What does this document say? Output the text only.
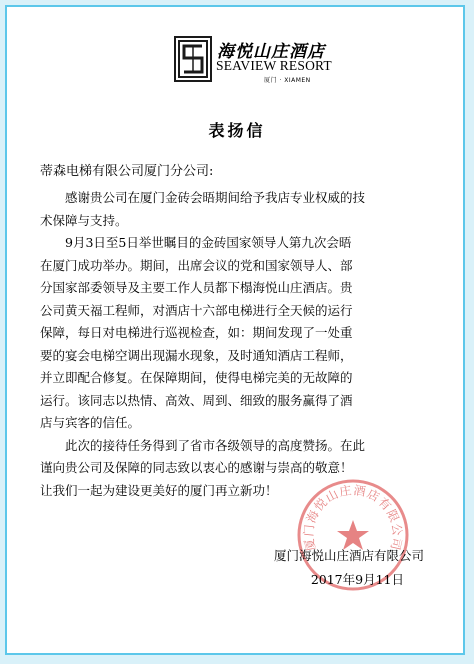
海悦山庄酒店
SEAVIEW RESORT
厦门 · XIAMEN
表扬信
蒂森电梯有限公司厦门分公司:
感谢贵公司在厦门金砖会晤期间给予我店专业权威的技
术保障与支持。
9月3日至5日举世瞩目的金砖国家领导人第九次会晤
在厦门成功举办。期间，出席会议的党和国家领导人、部
分国家部委领导及主要工作人员都下榻海悦山庄酒店。贵
公司黄天福工程师，对酒店十六部电梯进行全天候的运行
保障，每日对电梯进行巡视检查，如：期间发现了一处重
要的宴会电梯空调出现漏水现象，及时通知酒店工程师，
并立即配合修复。在保障期间，使得电梯完美的无故障的
运行。该同志以热情、高效、周到、细致的服务赢得了酒
店与宾客的信任。
此次的接待任务得到了省市各级领导的高度赞扬。在此
谨向贵公司及保障的同志致以衷心的感谢与崇高的敬意！
让我们一起为建设更美好的厦门再立新功！
厦门海悦山庄酒店有限公司
厦门海悦山庄酒店有限公司
2017年9月11日
